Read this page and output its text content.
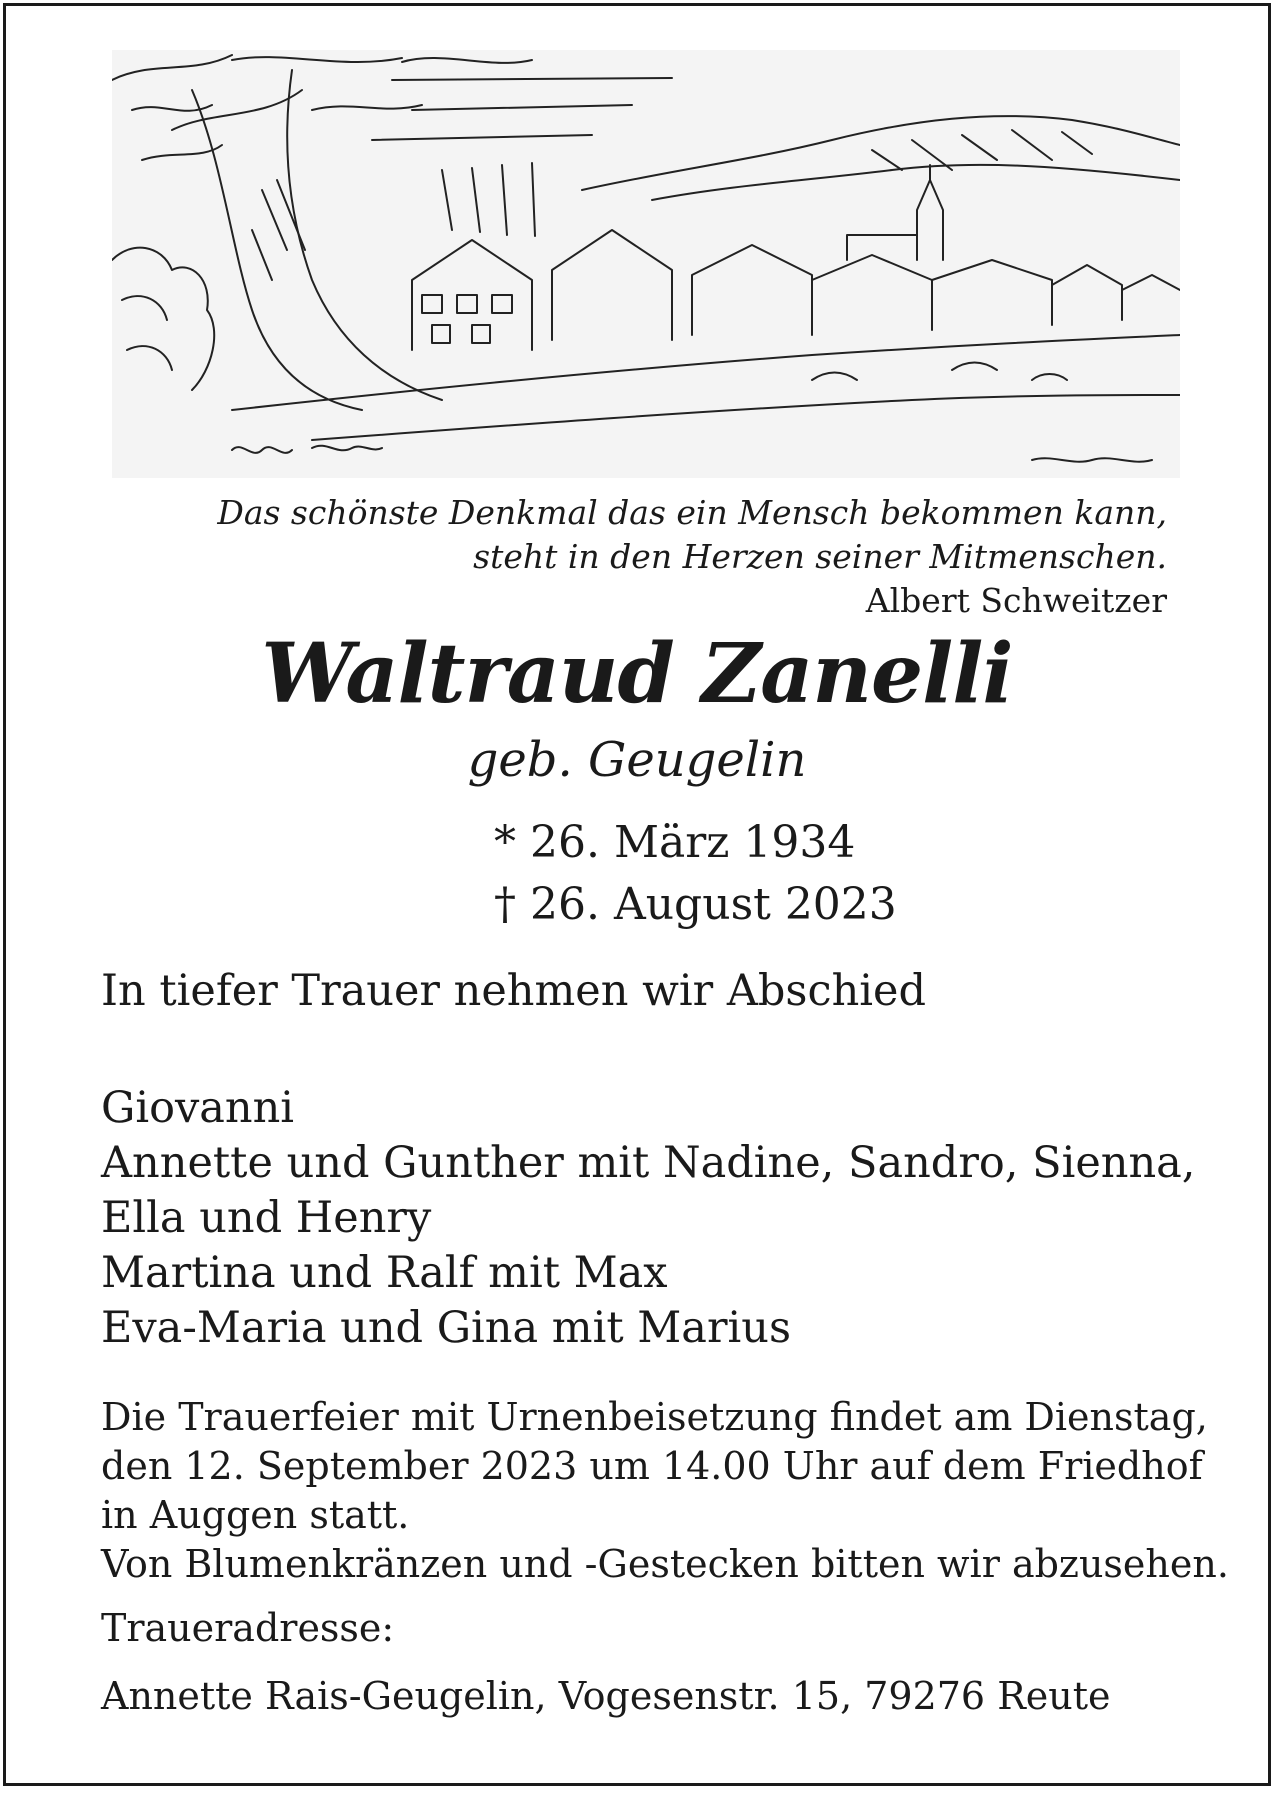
Das schönste Denkmal das ein Mensch bekommen kann,
steht in den Herzen seiner Mitmenschen.
Albert Schweitzer
Waltraud Zanelli
geb. Geugelin
* 26. März 1934
† 26. August 2023
In tiefer Trauer nehmen wir Abschied
Giovanni
Annette und Gunther mit Nadine, Sandro, Sienna,
Ella und Henry
Martina und Ralf mit Max
Eva-Maria und Gina mit Marius

Die Trauerfeier mit Urnenbeisetzung findet am Dienstag, den 12. September 2023 um 14.00 Uhr auf dem Friedhof in Auggen statt.

Von Blumenkränzen und -Gestecken bitten wir abzusehen.

Traueradresse:
Annette Rais-Geugelin, Vogesenstr. 15, 79276 Reute
